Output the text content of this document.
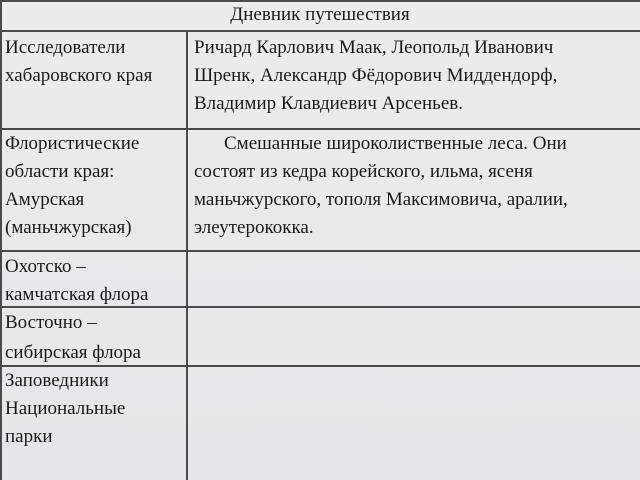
Дневник путешествия
Исследователи
хабаровского края
Ричард Карлович Маак, Леопольд Иванович
Шренк, Александр Фёдорович Миддендорф,
Владимир Клавдиевич Арсеньев.
Флористические
области края:
Амурская
(маньчжурская)
Смешанные широколиственные леса. Они
состоят из кедра корейского, ильма, ясеня
маньчжурского, тополя Максимовича, аралии,
элеутерококка.
Охотско –
камчатская флора
Восточно –
сибирская флора
Заповедники
Национальные
парки
